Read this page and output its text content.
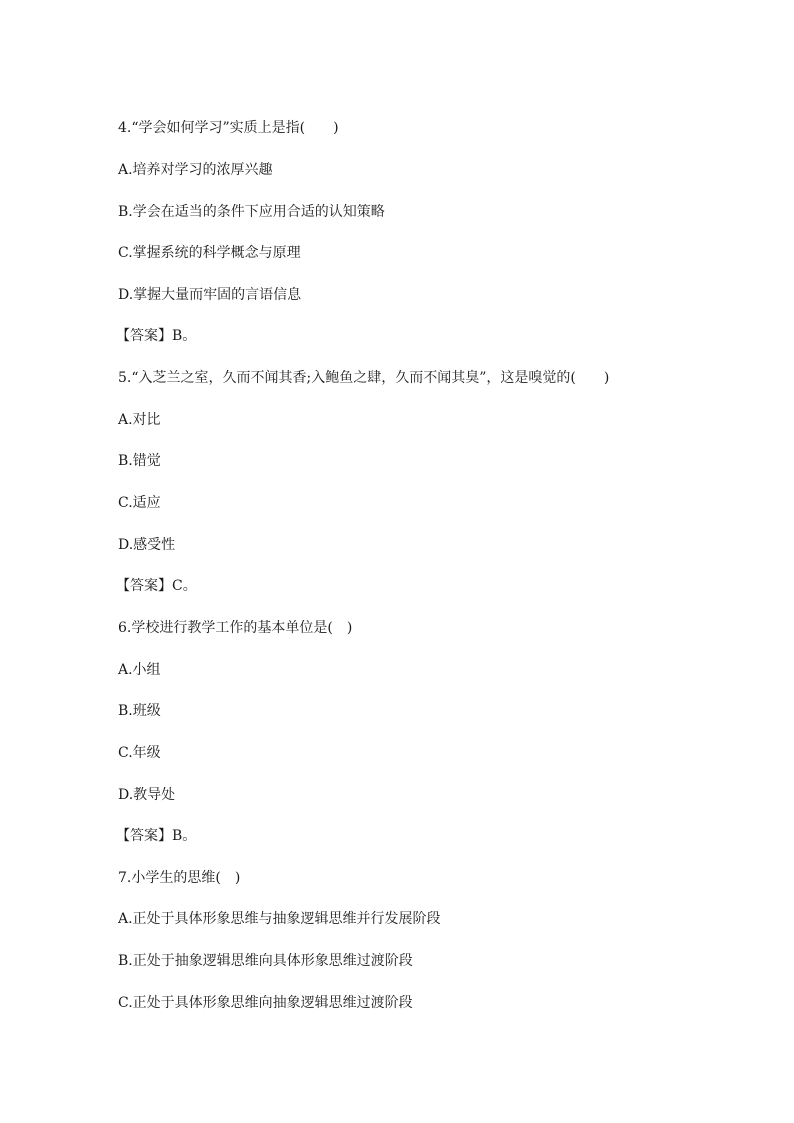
4.“学会如何学习”实质上是指(　　)
A.培养对学习的浓厚兴趣
B.学会在适当的条件下应用合适的认知策略
C.掌握系统的科学概念与原理
D.掌握大量而牢固的言语信息
【答案】B。
5.“入芝兰之室，久而不闻其香;入鲍鱼之肆，久而不闻其臭”，这是嗅觉的(　　)
A.对比
B.错觉
C.适应
D.感受性
【答案】C。
6.学校进行教学工作的基本单位是(　)
A.小组
B.班级
C.年级
D.教导处
【答案】B。
7.小学生的思维(　)
A.正处于具体形象思维与抽象逻辑思维并行发展阶段
B.正处于抽象逻辑思维向具体形象思维过渡阶段
C.正处于具体形象思维向抽象逻辑思维过渡阶段
